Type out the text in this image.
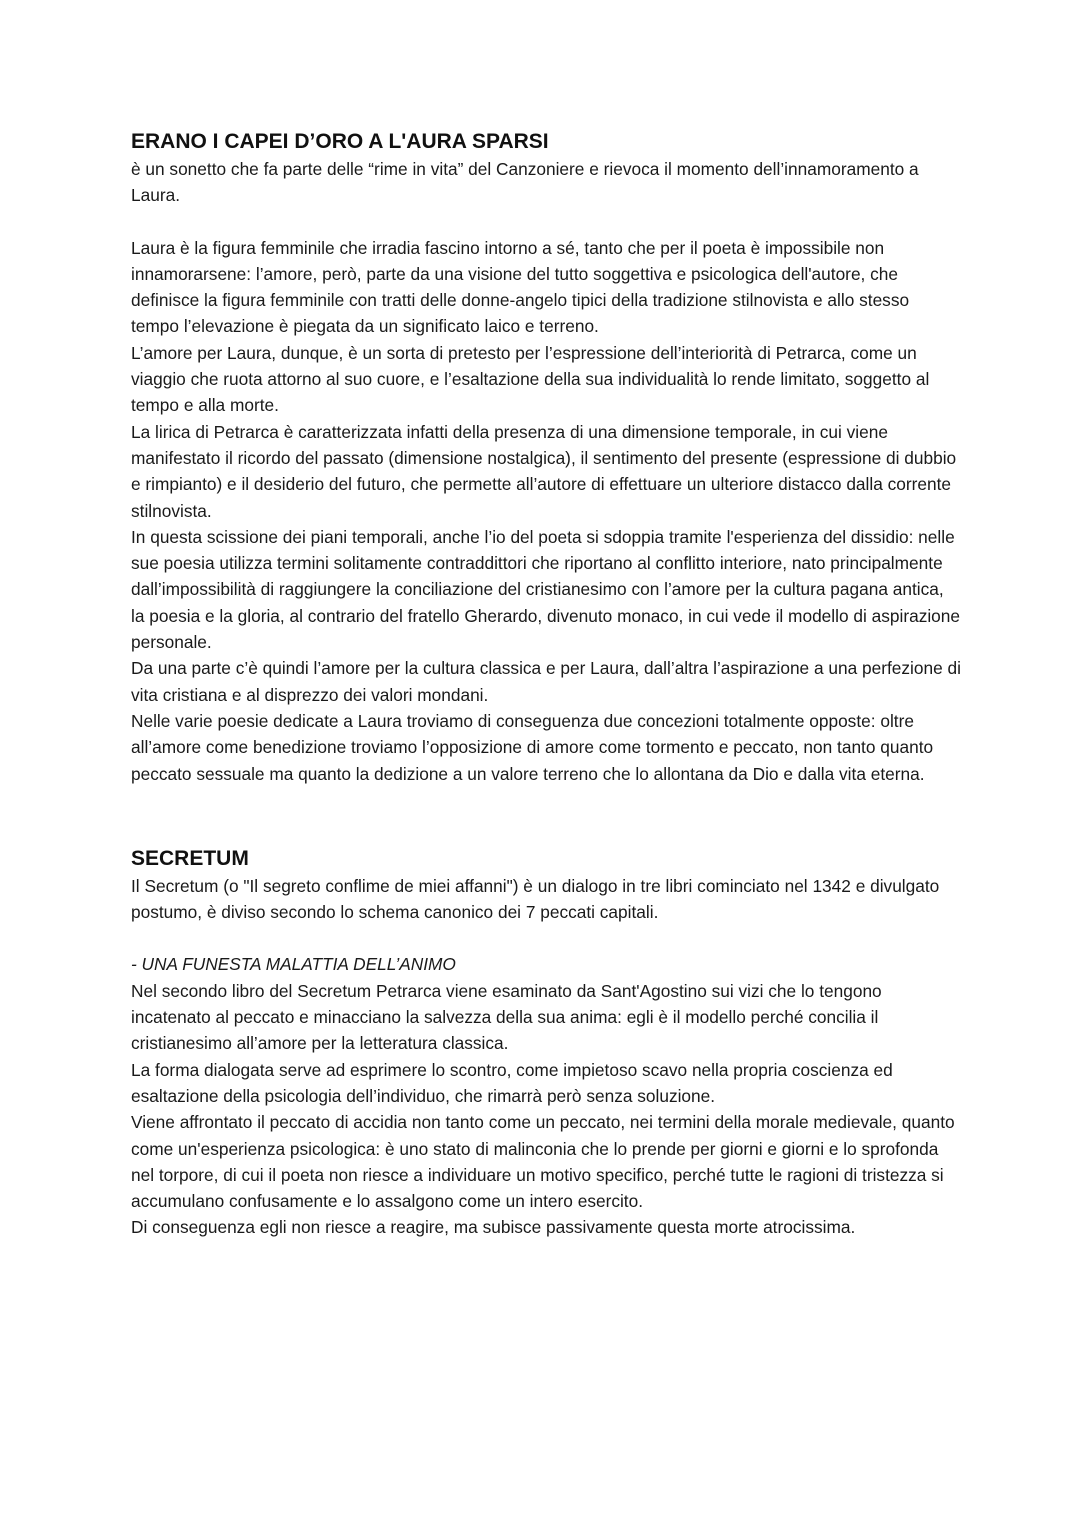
ERANO I CAPEI D’ORO A L'AURA SPARSI

è un sonetto che fa parte delle “rime in vita” del Canzoniere e rievoca il momento dell’innamoramento a Laura.

Laura è la figura femminile che irradia fascino intorno a sé, tanto che per il poeta è impossibile non innamorarsene: l’amore, però, parte da una visione del tutto soggettiva e psicologica dell'autore, che definisce la figura femminile con tratti delle donne-angelo tipici della tradizione stilnovista e allo stesso tempo l’elevazione è piegata da un significato laico e terreno.

L’amore per Laura, dunque, è un sorta di pretesto per l’espressione dell’interiorità di Petrarca, come un viaggio che ruota attorno al suo cuore, e l’esaltazione della sua individualità lo rende limitato, soggetto al tempo e alla morte.

La lirica di Petrarca è caratterizzata infatti della presenza di una dimensione temporale, in cui viene manifestato il ricordo del passato (dimensione nostalgica), il sentimento del presente (espressione di dubbio e rimpianto) e il desiderio del futuro, che permette all’autore di effettuare un ulteriore distacco dalla corrente stilnovista.

In questa scissione dei piani temporali, anche l’io del poeta si sdoppia tramite l'esperienza del dissidio: nelle sue poesia utilizza termini solitamente contraddittori che riportano al conflitto interiore, nato principalmente dall’impossibilità di raggiungere la conciliazione del cristianesimo con l’amore per la cultura pagana antica, la poesia e la gloria, al contrario del fratello Gherardo, divenuto monaco, in cui vede il modello di aspirazione personale.

Da una parte c’è quindi l’amore per la cultura classica e per Laura, dall’altra l’aspirazione a una perfezione di vita cristiana e al disprezzo dei valori mondani.

Nelle varie poesie dedicate a Laura troviamo di conseguenza due concezioni totalmente opposte: oltre all’amore come benedizione troviamo l’opposizione di amore come tormento e peccato, non tanto quanto peccato sessuale ma quanto la dedizione a un valore terreno che lo allontana da Dio e dalla vita eterna.

SECRETUM

Il Secretum (o "Il segreto conflime de miei affanni") è un dialogo in tre libri cominciato nel 1342 e divulgato postumo, è diviso secondo lo schema canonico dei 7 peccati capitali.

- UNA FUNESTA MALATTIA DELL’ANIMO

Nel secondo libro del Secretum Petrarca viene esaminato da Sant'Agostino sui vizi che lo tengono incatenato al peccato e minacciano la salvezza della sua anima: egli è il modello perché concilia il cristianesimo all’amore per la letteratura classica.

La forma dialogata serve ad esprimere lo scontro, come impietoso scavo nella propria coscienza ed esaltazione della psicologia dell’individuo, che rimarrà però senza soluzione.

Viene affrontato il peccato di accidia non tanto come un peccato, nei termini della morale medievale, quanto come un'esperienza psicologica: è uno stato di malinconia che lo prende per giorni e giorni e lo sprofonda nel torpore, di cui il poeta non riesce a individuare un motivo specifico, perché tutte le ragioni di tristezza si accumulano confusamente e lo assalgono come un intero esercito.

Di conseguenza egli non riesce a reagire, ma subisce passivamente questa morte atrocissima.
